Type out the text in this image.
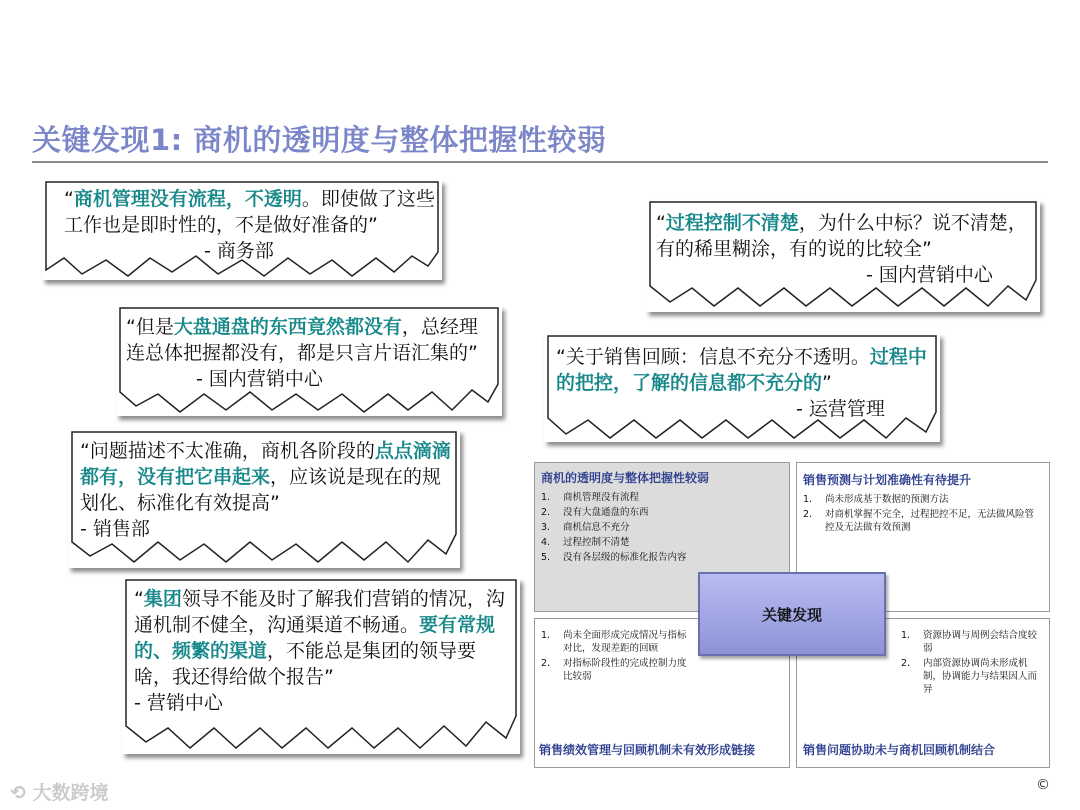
关键发现1: 商机的透明度与整体把握性较弱
“商机管理没有流程，不透明。即使做了这些工作也是即时性的，不是做好准备的” - 商务部
“但是大盘通盘的东西竟然都没有，总经理连总体把握都没有，都是只言片语汇集的” - 国内营销中心
“问题描述不太准确，商机各阶段的点点滴滴都有，没有把它串起来，应该说是现在的规划化、标准化有效提高”
- 销售部
“集团领导不能及时了解我们营销的情况，沟通机制不健全，沟通渠道不畅通。要有常规的、频繁的渠道，不能总是集团的领导要啥，我还得给做个报告”
- 营销中心
“过程控制不清楚，为什么中标？说不清楚，有的稀里糊涂，有的说的比较全” - 国内营销中心
“关于销售回顾：信息不充分不透明。过程中的把控，了解的信息都不充分的” - 运营管理
商机的透明度与整体把握性较弱
1. 商机管理没有流程
2. 没有大盘通盘的东西
3. 商机信息不充分
4. 过程控制不清楚
5. 没有各层级的标准化报告内容
销售预测与计划准确性有待提升
1. 尚未形成基于数据的预测方法
2. 对商机掌握不完全，过程把控不足，无法做风险管控及无法做有效预测
1. 尚未全面形成完成情况与指标对比，发现差距的回顾
2. 对指标阶段性的完成控制力度比较弱
销售绩效管理与回顾机制未有效形成链接
1. 资源协调与周例会结合度较弱
2. 内部资源协调尚未形成机制，协调能力与结果因人而异
销售问题协助未与商机回顾机制结合
关键发现
⟲ 大数跨境	©
